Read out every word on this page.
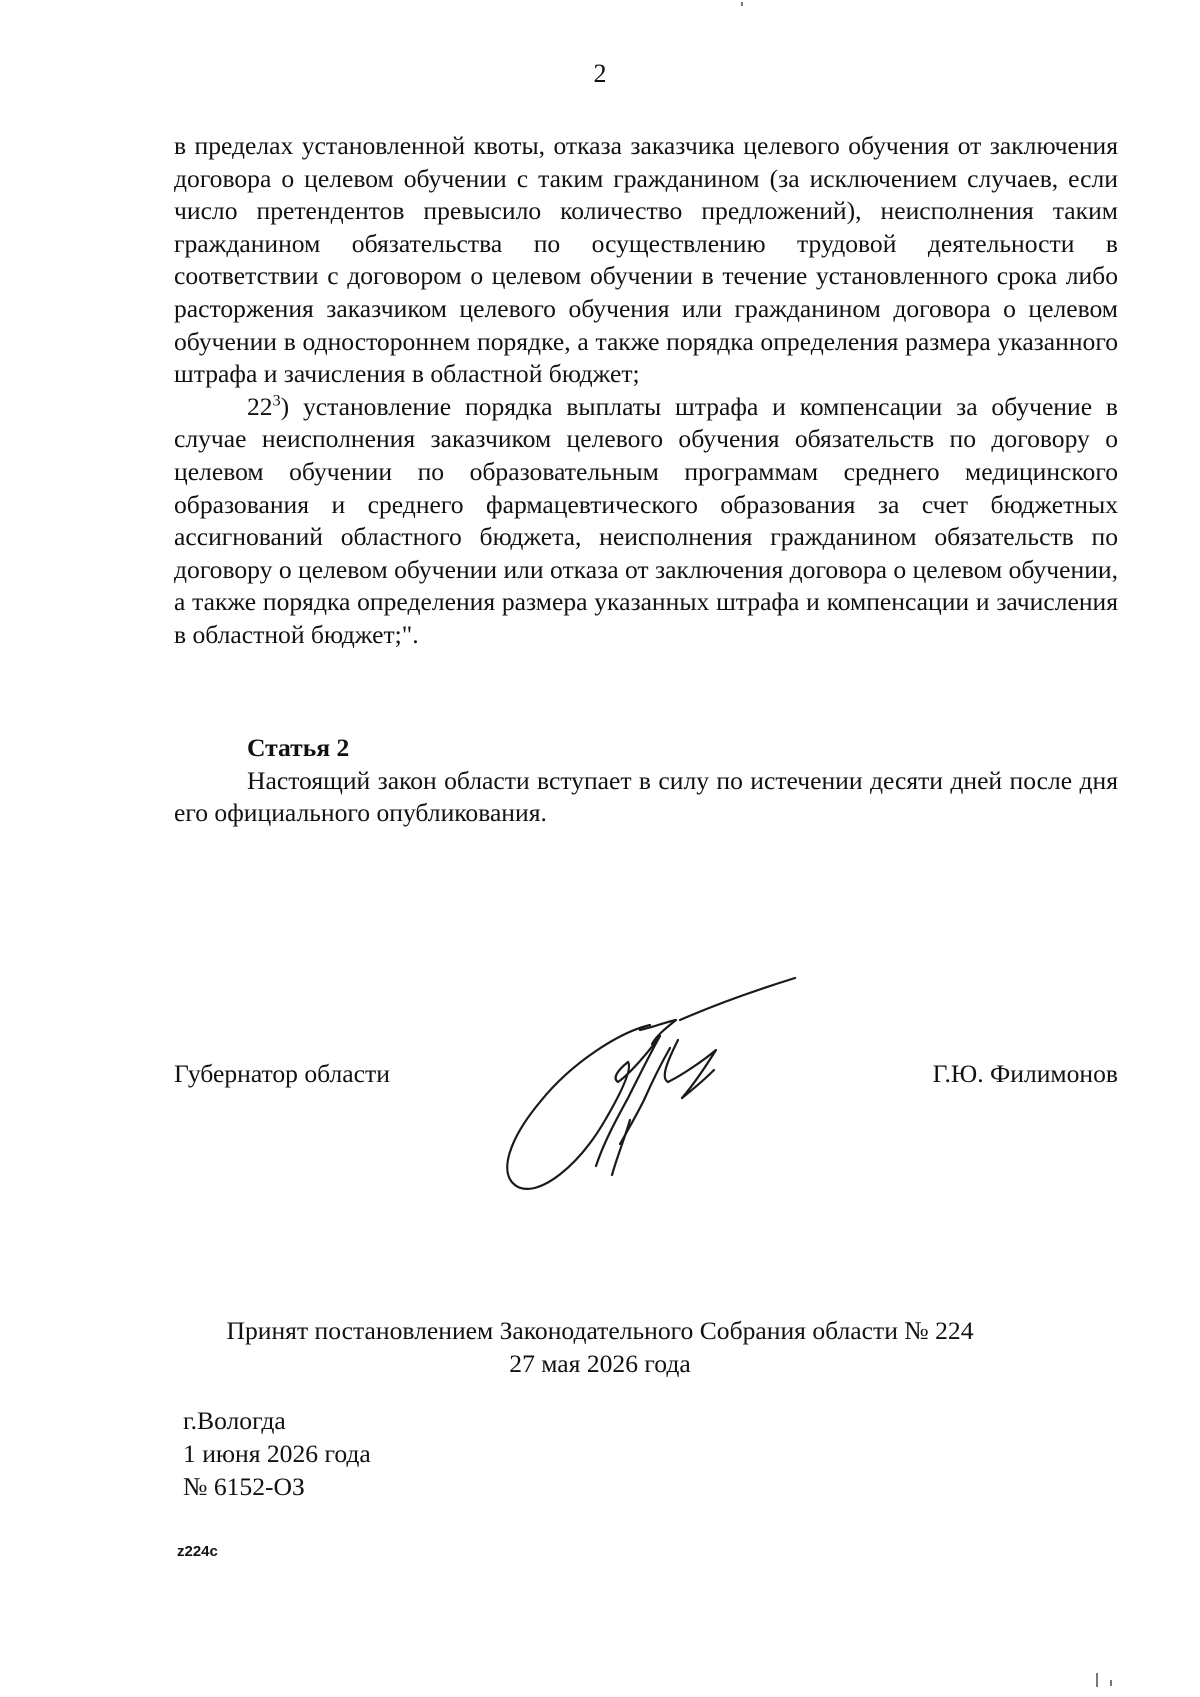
2

в пределах установленной квоты, отказа заказчика целевого обучения от заключения договора о целевом обучении с таким гражданином (за исключением случаев, если число претендентов превысило количество предложений), неисполнения таким гражданином обязательства по осуществлению трудовой деятельности в соответствии с договором о целевом обучении в течение установленного срока либо расторжения заказчиком целевого обучения или гражданином договора о целевом обучении в одностороннем порядке, а также порядка определения размера указанного штрафа и зачисления в областной бюджет;

$22^3$) установление порядка выплаты штрафа и компенсации за обучение в случае неисполнения заказчиком целевого обучения обязательств по договору о целевом обучении по образовательным программам среднего медицинского образования и среднего фармацевтического образования за счет бюджетных ассигнований областного бюджета, неисполнения гражданином обязательств по договору о целевом обучении или отказа от заключения договора о целевом обучении, а также порядка определения размера указанных штрафа и компенсации и зачисления в областной бюджет;".

Статья 2

Настоящий закон области вступает в силу по истечении десяти дней после дня его официального опубликования.

Губернатор области	Г.Ю. Филимонов
Принят постановлением Законодательного Собрания области № 224
27 мая 2026 года
г.Вологда
1 июня 2026 года
№ 6152-ОЗ
z224c
